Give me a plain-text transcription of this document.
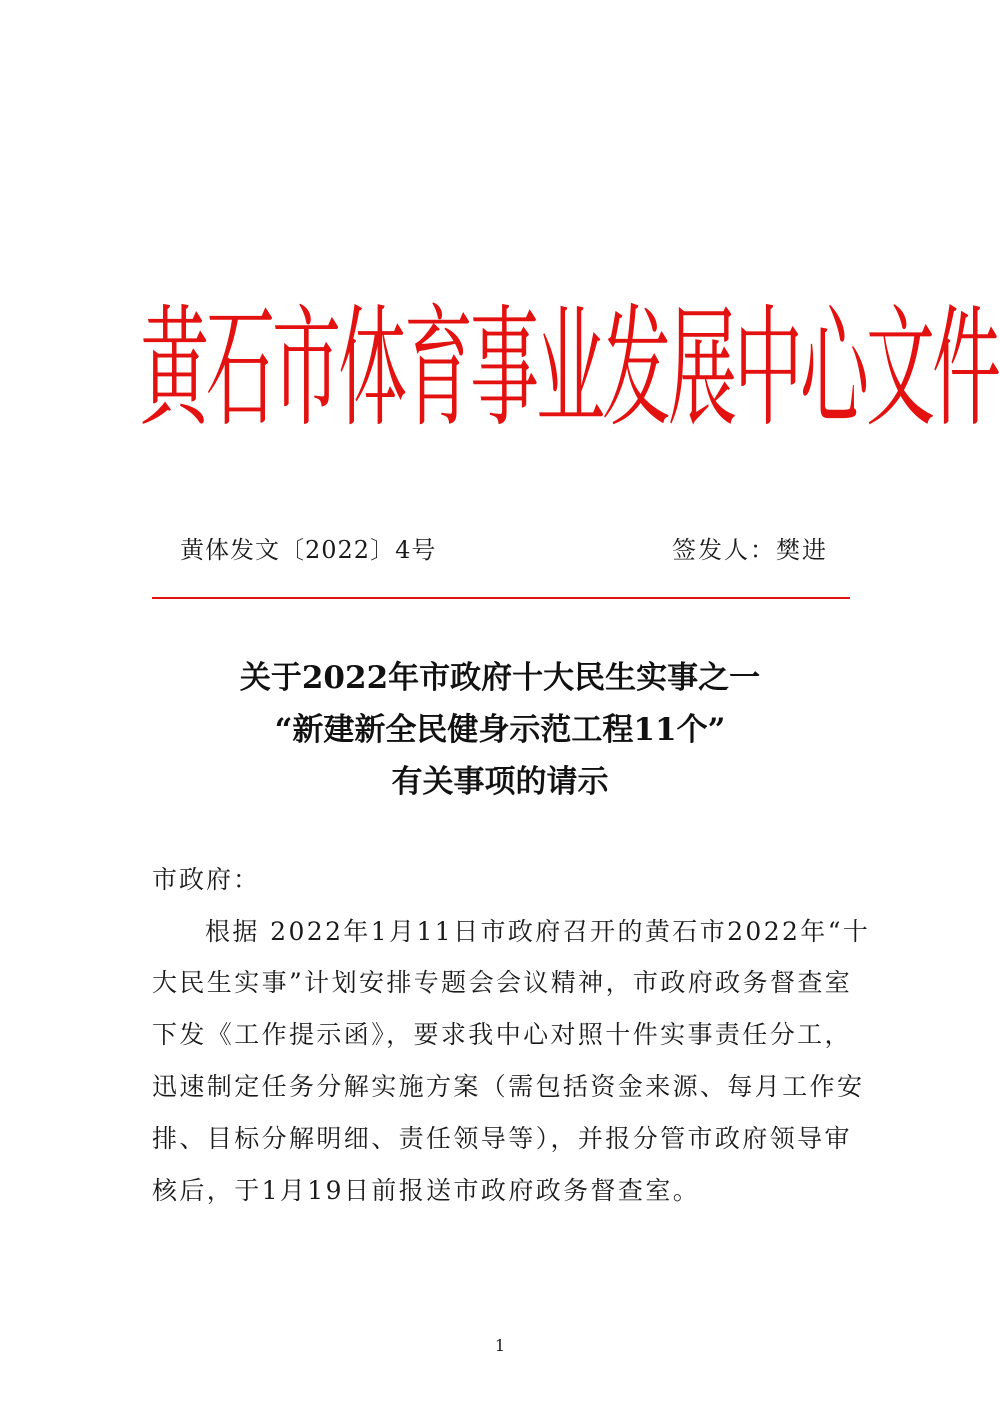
黄石市体育事业发展中心文件
黄体发文〔2022〕4号	签发人：樊进
关于2022年市政府十大民生实事之一
“新建新全民健身示范工程11个”
有关事项的请示
市政府：
根据 2022年1月11日市政府召开的黄石市2022年“十
大民生实事”计划安排专题会会议精神，市政府政务督查室
下发《工作提示函》，要求我中心对照十件实事责任分工，
迅速制定任务分解实施方案（需包括资金来源、每月工作安
排、目标分解明细、责任领导等），并报分管市政府领导审
核后，于1月19日前报送市政府政务督查室。
1
